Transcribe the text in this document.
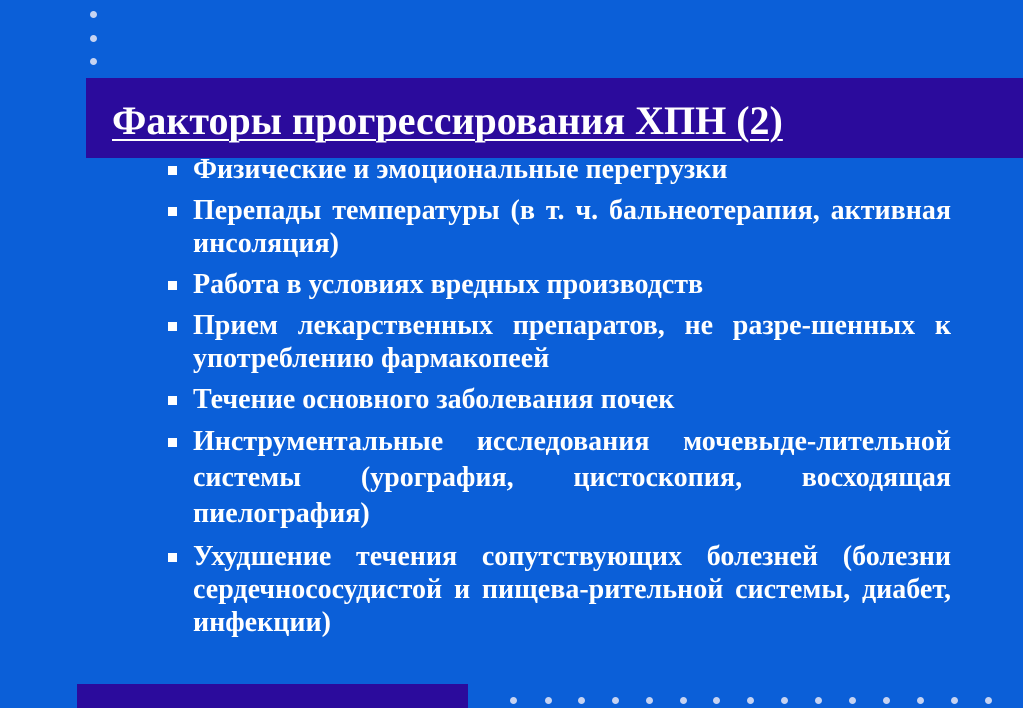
Факторы прогрессирования ХПН (2)
Физические и эмоциональные перегрузки
Перепады температуры (в т. ч. бальнеотерапия, активная инсоляция)
Работа в условиях вредных производств
Прием лекарственных препаратов, не разре-шенных к употреблению фармакопеей
Течение основного заболевания почек
Инструментальные исследования мочевыде-лительной системы (урография, цистоскопия, восходящая пиелография)
Ухудшение течения сопутствующих болезней (болезни сердечнососудистой и пищева-рительной системы, диабет, инфекции)
